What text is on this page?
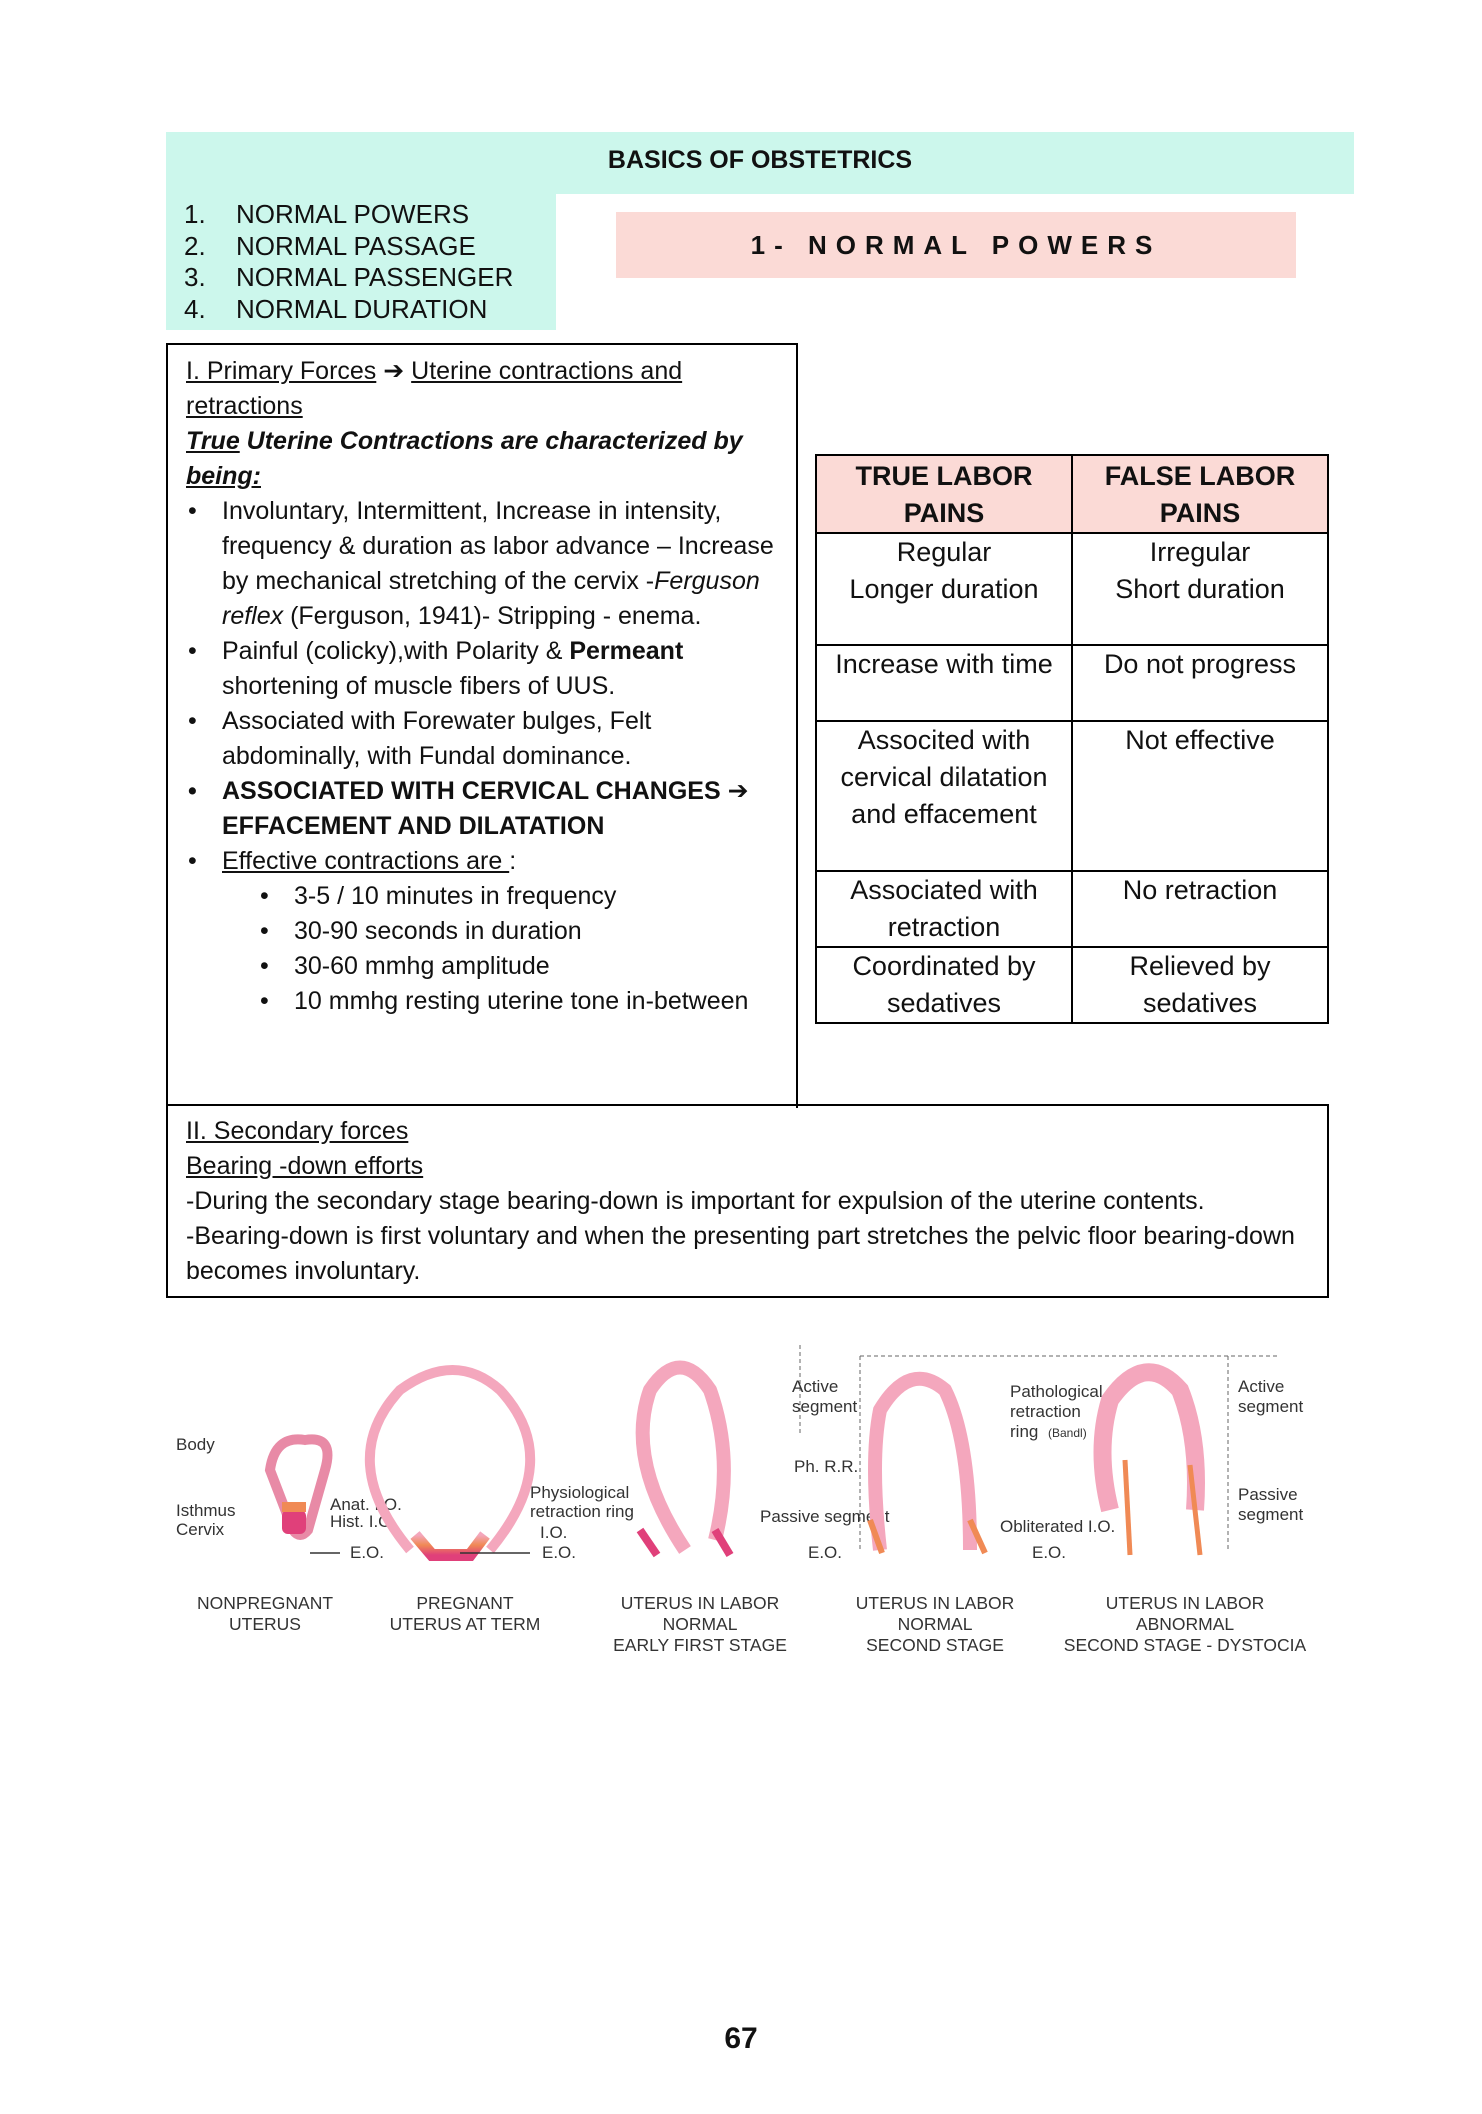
BASICS OF OBSTETRICS
1.	NORMAL POWERS
2.	NORMAL PASSAGE
3.	NORMAL PASSENGER
4.	NORMAL DURATION
1- NORMAL POWERS
I. Primary Forces ➔ Uterine contractions and retractions
True Uterine Contractions are characterized by being:
• Involuntary, Intermittent, Increase in intensity, frequency & duration as labor advance – Increase by mechanical stretching of the cervix -Ferguson reflex (Ferguson, 1941)- Stripping - enema.
• Painful (colicky),with Polarity & Permeant shortening of muscle fibers of UUS.
• Associated with Forewater bulges, Felt abdominally, with Fundal dominance.
• ASSOCIATED WITH CERVICAL CHANGES ➔ EFFACEMENT AND DILATATION
• Effective contractions are :
• 3-5 / 10 minutes in frequency
• 30-90 seconds in duration
• 30-60 mmhg amplitude
• 10 mmhg resting uterine tone in-between
TRUE LABOR PAINS	FALSE LABOR PAINS
Regular	Irregular
Longer duration	Short duration
Increase with time	Do not progress
Associted with cervical dilatation and effacement	Not effective
Associated with retraction	No retraction
Coordinated by sedatives	Relieved by sedatives
II. Secondary forces
Bearing -down efforts
-During the secondary stage bearing-down is important for expulsion of the uterine contents.
-Bearing-down is first voluntary and when the presenting part stretches the pelvic floor bearing-down becomes involuntary.
Body
Isthmus
Cervix
Anat. I.O.
Hist. I.O.
E.O.
Physiological
retraction ring
I.O.
E.O.
Active
segment
Ph. R.R.
Passive segment
E.O.
Pathological
retraction
ring (Bandl)
Obliterated I.O.
E.O.
Active
segment
Passive
segment
NONPREGNANT
UTERUS
PREGNANT
UTERUS AT TERM
UTERUS IN LABOR
NORMAL
EARLY FIRST STAGE
UTERUS IN LABOR
NORMAL
SECOND STAGE
UTERUS IN LABOR
ABNORMAL
SECOND STAGE - DYSTOCIA
67
